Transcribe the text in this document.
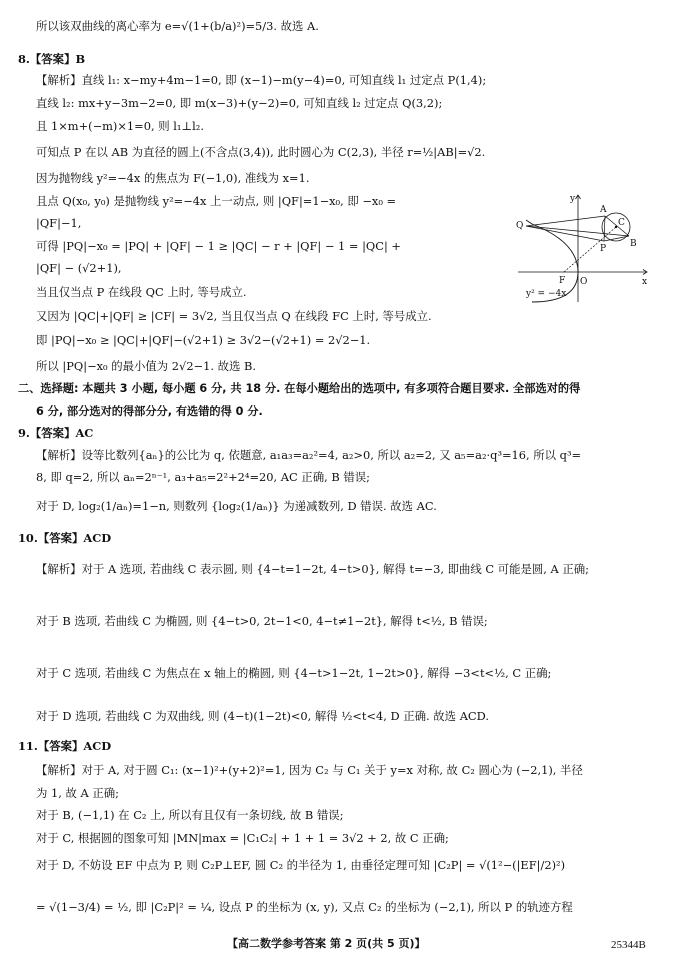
所以该双曲线的离心率为 e=√(1+(b/a)²)=5/3. 故选 A.
8.【答案】B
【解析】直线 l₁: x−my+4m−1=0, 即 (x−1)−m(y−4)=0, 可知直线 l₁ 过定点 P(1,4);
直线 l₂: mx+y−3m−2=0, 即 m(x−3)+(y−2)=0, 可知直线 l₂ 过定点 Q(3,2);
且 1×m+(−m)×1=0, 则 l₁⊥l₂.
可知点 P 在以 AB 为直径的圆上(不含点(3,4)), 此时圆心为 C(2,3), 半径 r=½|AB|=√2.
因为抛物线 y²=−4x 的焦点为 F(−1,0), 准线为 x=1.
且点 Q(x₀, y₀) 是抛物线 y²=−4x 上一动点, 则 |QF|=1−x₀, 即 −x₀ =
|QF|−1,
可得 |PQ|−x₀ = |PQ| + |QF| − 1 ≥ |QC| − r + |QF| − 1 = |QC| +
|QF| − (√2+1),
当且仅当点 P 在线段 QC 上时, 等号成立.
又因为 |QC|+|QF| ≥ |CF| = 3√2, 当且仅当点 Q 在线段 FC 上时, 等号成立.
即 |PQ|−x₀ ≥ |QC|+|QF|−(√2+1) ≥ 3√2−(√2+1) = 2√2−1.
所以 |PQ|−x₀ 的最小值为 2√2−1. 故选 B.
二、选择题: 本题共 3 小题, 每小题 6 分, 共 18 分. 在每小题给出的选项中, 有多项符合题目要求. 全部选对的得
6 分, 部分选对的得部分分, 有选错的得 0 分.
9.【答案】AC
【解析】设等比数列{aₙ}的公比为 q, 依题意, a₁a₃=a₂²=4, a₂>0, 所以 a₂=2, 又 a₅=a₂·q³=16, 所以 q³=
8, 即 q=2, 所以 aₙ=2ⁿ⁻¹, a₃+a₅=2²+2⁴=20, AC 正确, B 错误;
对于 D, log₂(1/aₙ)=1−n, 则数列 {log₂(1/aₙ)} 为递减数列, D 错误. 故选 AC.
10.【答案】ACD
【解析】对于 A 选项, 若曲线 C 表示圆, 则 {4−t=1−2t, 4−t>0}, 解得 t=−3, 即曲线 C 可能是圆, A 正确;
对于 B 选项, 若曲线 C 为椭圆, 则 {4−t>0, 2t−1<0, 4−t≠1−2t}, 解得 t<½, B 错误;
对于 C 选项, 若曲线 C 为焦点在 x 轴上的椭圆, 则 {4−t>1−2t, 1−2t>0}, 解得 −3<t<½, C 正确;
对于 D 选项, 若曲线 C 为双曲线, 则 (4−t)(1−2t)<0, 解得 ½<t<4, D 正确. 故选 ACD.
11.【答案】ACD
【解析】对于 A, 对于圆 C₁: (x−1)²+(y+2)²=1, 因为 C₂ 与 C₁ 关于 y=x 对称, 故 C₂ 圆心为 (−2,1), 半径
为 1, 故 A 正确;
对于 B, (−1,1) 在 C₂ 上, 所以有且仅有一条切线, 故 B 错误;
对于 C, 根据圆的图象可知 |MN|max = |C₁C₂| + 1 + 1 = 3√2 + 2, 故 C 正确;
对于 D, 不妨设 EF 中点为 P, 则 C₂P⊥EF, 圆 C₂ 的半径为 1, 由垂径定理可知 |C₂P| = √(1²−(|EF|/2)²)
= √(1−3/4) = ½, 即 |C₂P|² = ¼, 设点 P 的坐标为 (x, y), 又点 C₂ 的坐标为 (−2,1), 所以 P 的轨迹方程
y
x
O
F
Q
A
B
C
P
y² = −4x
【高二数学参考答案 第 2 页(共 5 页)】	25344B
